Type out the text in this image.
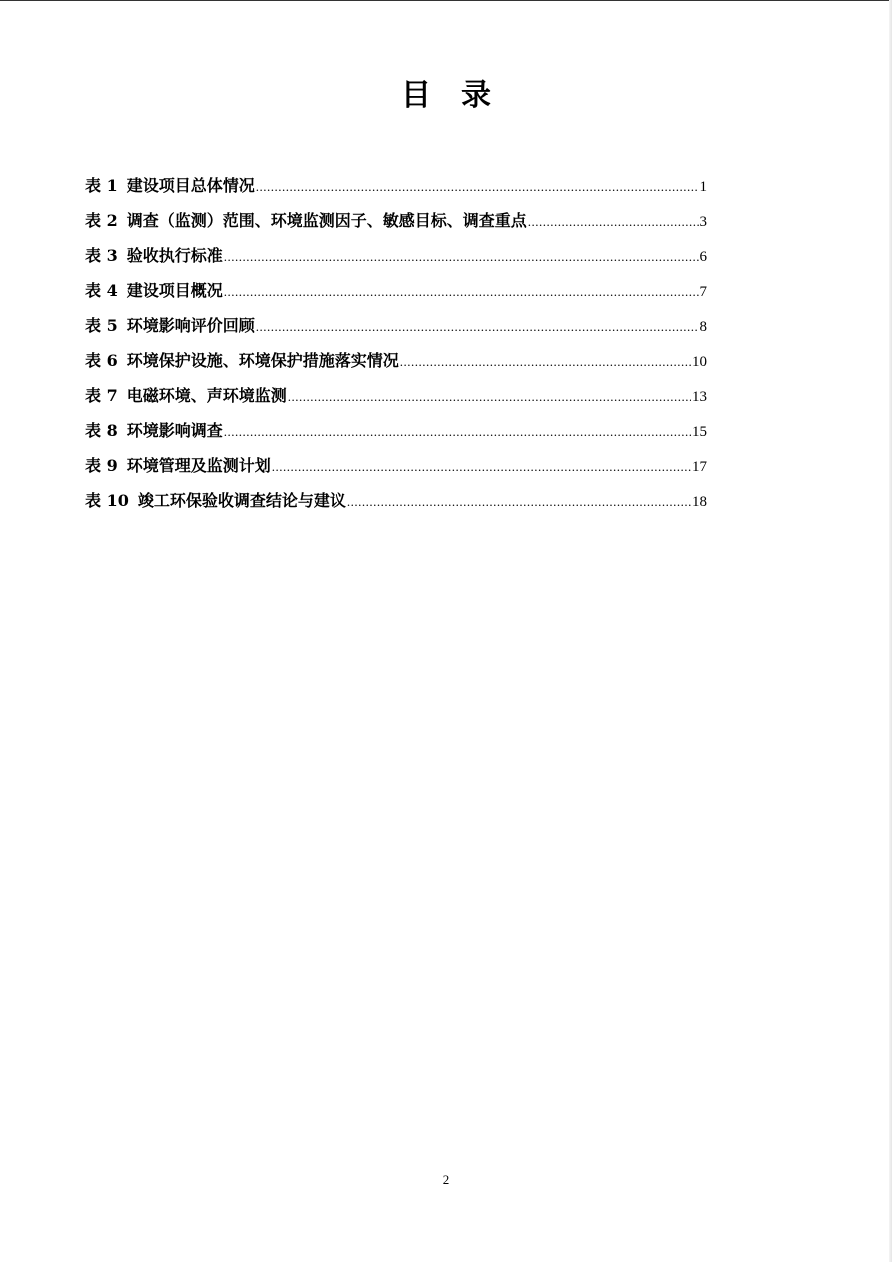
目录
表 1 建设项目总体情况 .....	1
表 2 调查（监测）范围、环境监测因子、敏感目标、调查重点 .....	3
表 3 验收执行标准 .....	6
表 4 建设项目概况 .....	7
表 5 环境影响评价回顾 .....	8
表 6 环境保护设施、环境保护措施落实情况 .....	10
表 7 电磁环境、声环境监测 .....	13
表 8 环境影响调查 .....	15
表 9 环境管理及监测计划 .....	17
表 10 竣工环保验收调查结论与建议 .....	18
2
